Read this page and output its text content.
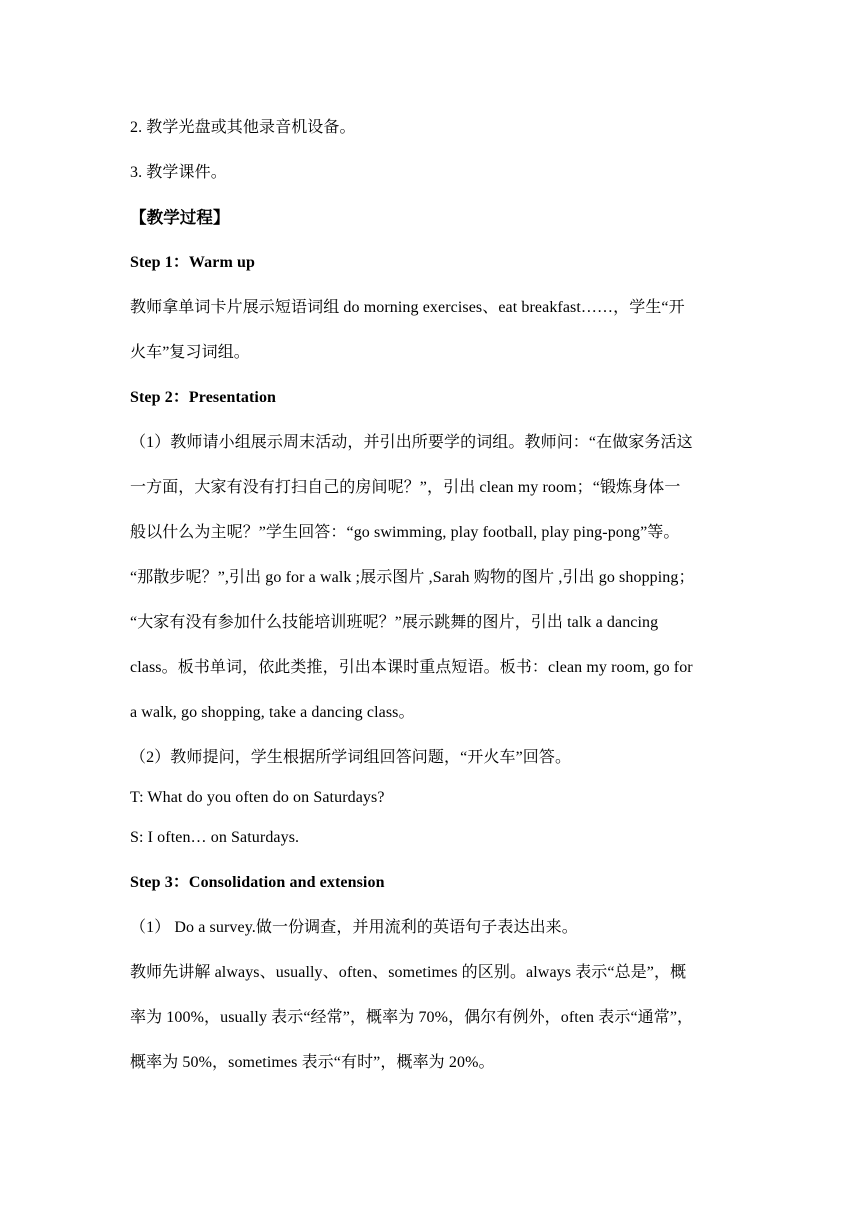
2. 教学光盘或其他录音机设备。
3. 教学课件。
【教学过程】
Step 1：Warm up
教师拿单词卡片展示短语词组 do morning exercises、eat breakfast……，学生“开
火车”复习词组。
Step 2：Presentation
（1）教师请小组展示周末活动，并引出所要学的词组。教师问：“在做家务活这
一方面，大家有没有打扫自己的房间呢？”，引出 clean my room；“锻炼身体一
般以什么为主呢？”学生回答：“go swimming, play football, play ping-pong”等。
“那散步呢？”,引出 go for a walk ;展示图片 ,Sarah 购物的图片 ,引出 go shopping；
“大家有没有参加什么技能培训班呢？”展示跳舞的图片，引出 talk a dancing
class。板书单词，依此类推，引出本课时重点短语。板书：clean my room, go for
a walk, go shopping, take a dancing class。
（2）教师提问，学生根据所学词组回答问题，“开火车”回答。
T: What do you often do on Saturdays?
S: I often… on Saturdays.
Step 3：Consolidation and extension
（1） Do a survey.做一份调查，并用流利的英语句子表达出来。
教师先讲解 always、usually、often、sometimes 的区别。always 表示“总是”，概
率为 100%，usually 表示“经常”，概率为 70%，偶尔有例外，often 表示“通常”，
概率为 50%，sometimes 表示“有时”，概率为 20%。
